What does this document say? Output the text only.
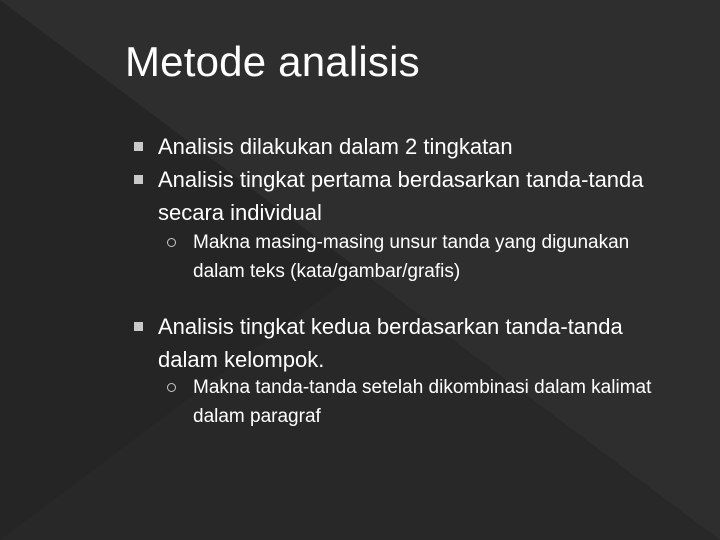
Metode analisis
Analisis dilakukan dalam 2 tingkatan
Analisis tingkat pertama berdasarkan tanda-tanda secara individual
Makna masing-masing unsur tanda yang digunakan dalam teks (kata/gambar/grafis)
Analisis tingkat kedua berdasarkan tanda-tanda dalam kelompok.
Makna tanda-tanda setelah dikombinasi dalam kalimat dalam paragraf
